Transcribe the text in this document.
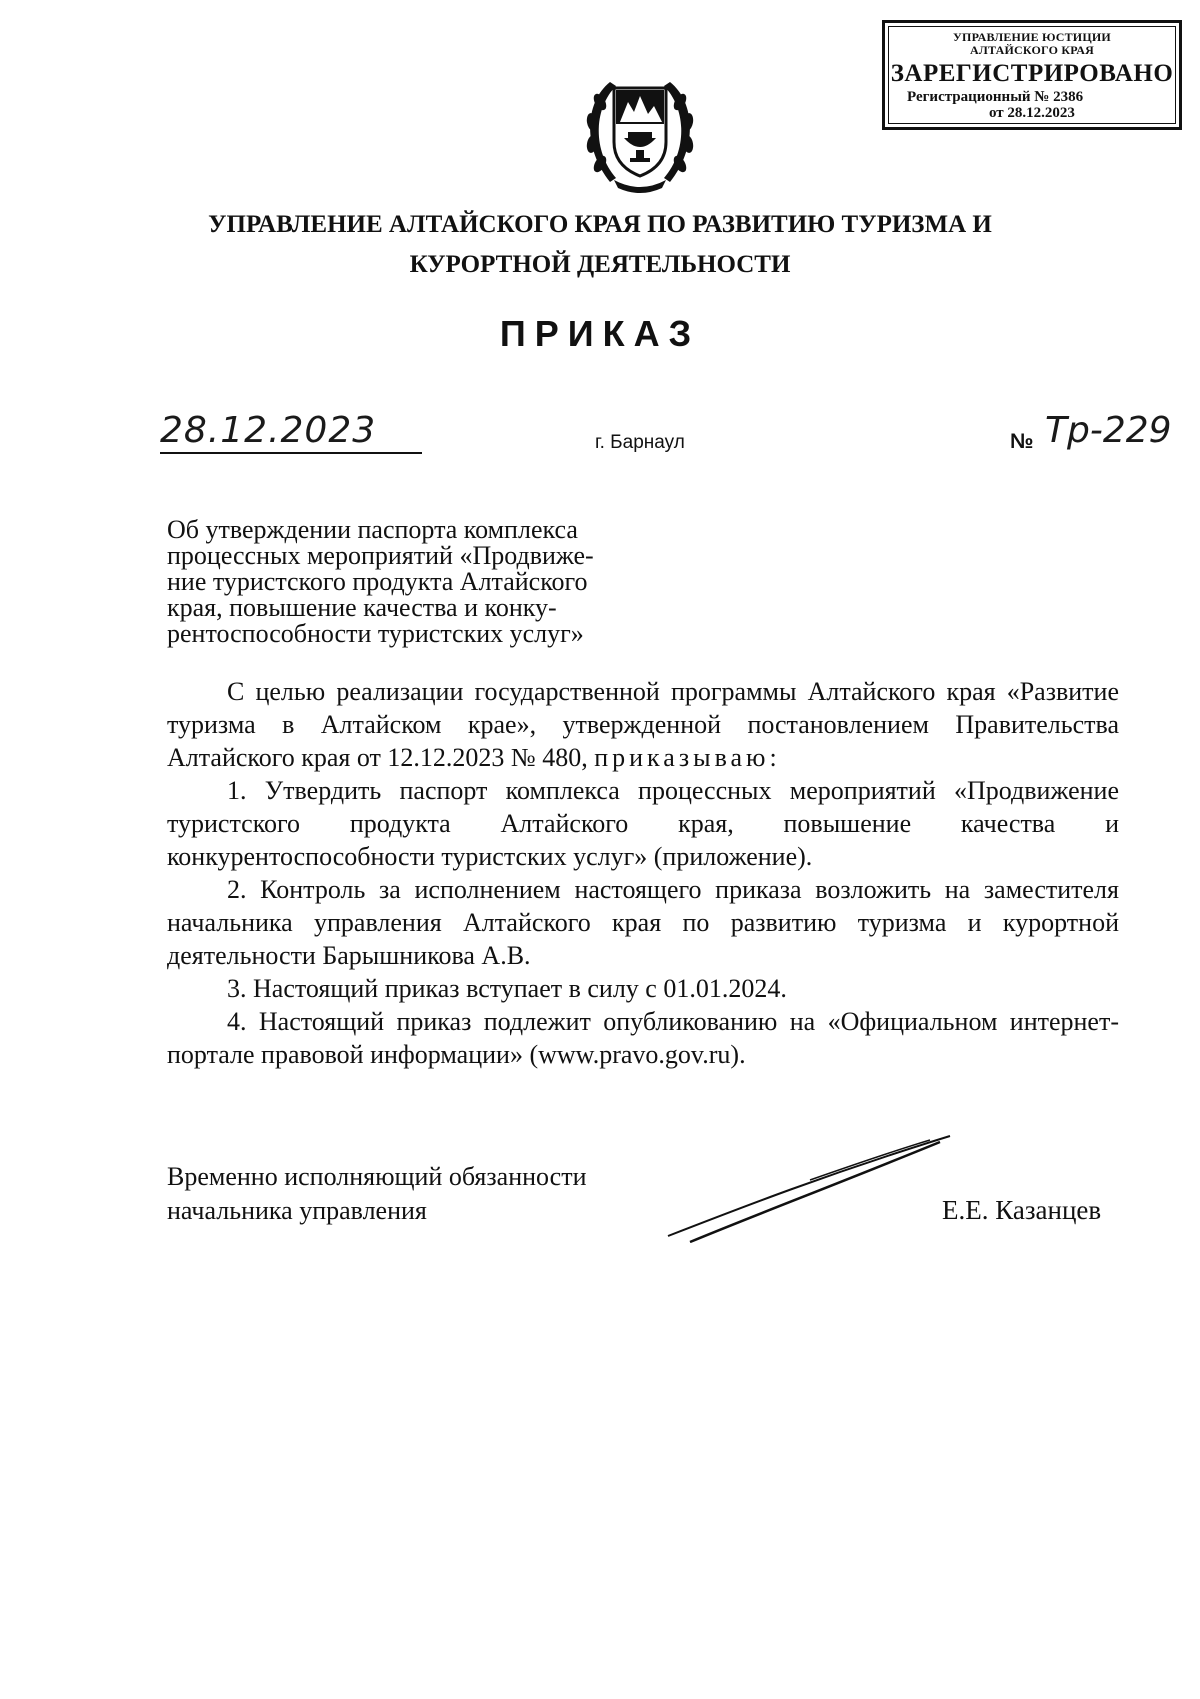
УПРАВЛЕНИЕ ЮСТИЦИИ
АЛТАЙСКОГО КРАЯ
ЗАРЕГИСТРИРОВАНО
Регистрационный № 2386
от 28.12.2023
УПРАВЛЕНИЕ АЛТАЙСКОГО КРАЯ ПО РАЗВИТИЮ ТУРИЗМА И
КУРОРТНОЙ ДЕЯТЕЛЬНОСТИ
ПРИКАЗ
28.12.2023	г. Барнаул	№ Тр-229
Об утверждении паспорта комплекса
процессных мероприятий «Продвиже-
ние туристского продукта Алтайского
края, повышение качества и конку-
рентоспособности туристских услуг»

С целью реализации государственной программы Алтайского края «Развитие туризма в Алтайском крае», утвержденной постановлением Правительства Алтайского края от 12.12.2023 № 480, приказываю:

1. Утвердить паспорт комплекса процессных мероприятий «Продвижение туристского продукта Алтайского края, повышение качества и конкурентоспособности туристских услуг» (приложение).

2. Контроль за исполнением настоящего приказа возложить на заместителя начальника управления Алтайского края по развитию туризма и курортной деятельности Барышникова А.В.

3. Настоящий приказ вступает в силу с 01.01.2024.

4. Настоящий приказ подлежит опубликованию на «Официальном интернет-портале правовой информации» (www.pravo.gov.ru).

Временно исполняющий обязанности
начальника управления	Е.Е. Казанцев
